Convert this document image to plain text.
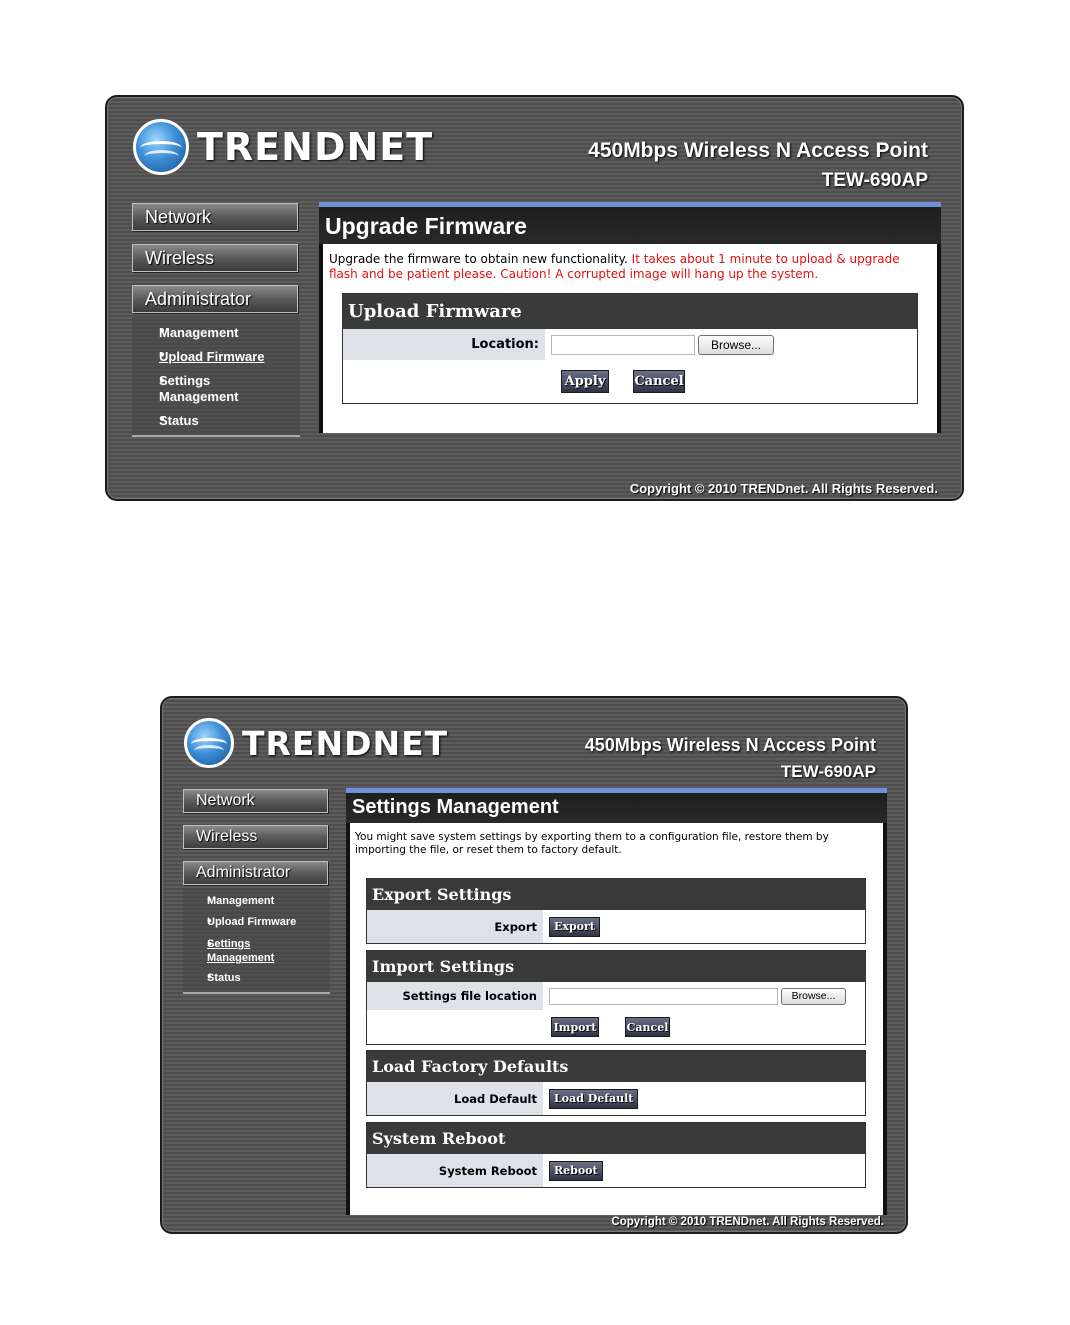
TRENDNET	450Mbps Wireless N Access Point
TEW-690AP
Network
Wireless
Administrator
● Management
● Upload Firmware
● Settings Management
● Status
Upgrade Firmware
Upgrade the firmware to obtain new functionality. It takes about 1 minute to upload & upgrade flash and be patient please. Caution! A corrupted image will hang up the system.
Upload Firmware
Location:	Browse...
Apply Cancel
Copyright © 2010 TRENDnet. All Rights Reserved.
TRENDNET	450Mbps Wireless N Access Point
TEW-690AP
Network
Wireless
Administrator
● Management
● Upload Firmware
● Settings Management
● Status
Settings Management
You might save system settings by exporting them to a configuration file, restore them by importing the file, or reset them to factory default.
Export Settings
Export	Export
Import Settings
Settings file location	Browse...
Import	Cancel
Load Factory Defaults
Load Default	Load Default
System Reboot
System Reboot	Reboot
Copyright © 2010 TRENDnet. All Rights Reserved.
